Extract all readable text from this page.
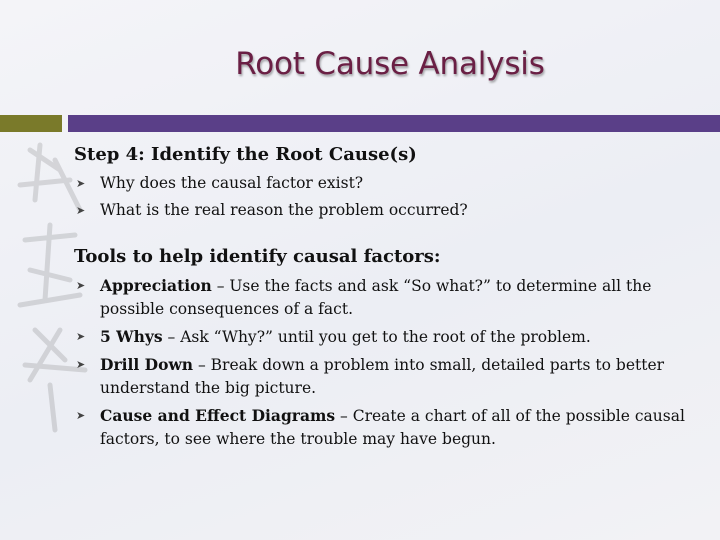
Root Cause Analysis

Step 4: Identify the Root Cause(s)

➤ Why does the causal factor exist?
➤ What is the real reason the problem occurred?

Tools to help identify causal factors:

➤ Appreciation – Use the facts and ask “So what?” to determine all the possible consequences of a fact.
➤ 5 Whys – Ask “Why?” until you get to the root of the problem.
➤ Drill Down – Break down a problem into small, detailed parts to better understand the big picture.
➤ Cause and Effect Diagrams – Create a chart of all of the possible causal factors, to see where the trouble may have begun.
